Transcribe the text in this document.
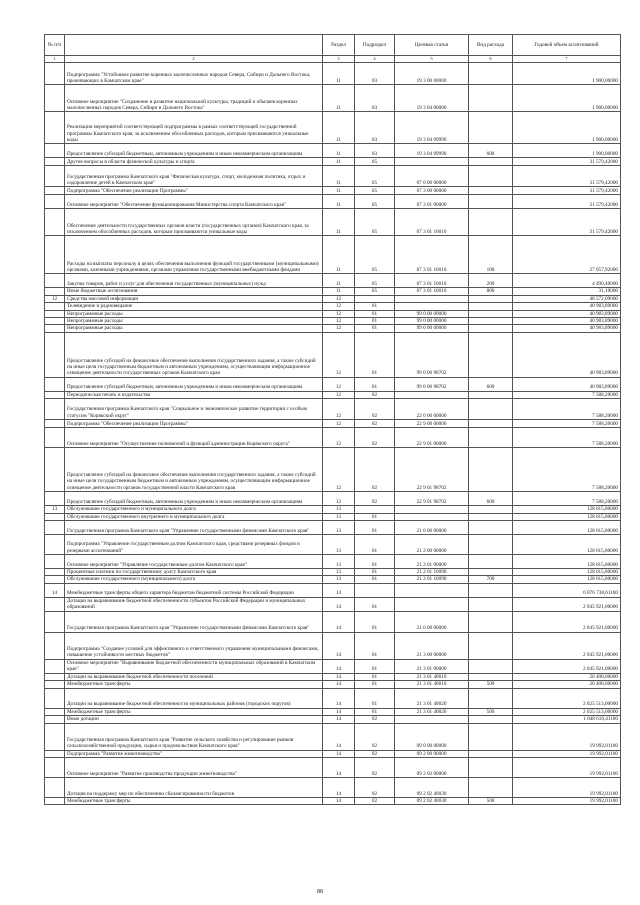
№ п/п		Раздел	Подраздел	Целевая статья	Вид расхода	Годовой объем ассигнований
1	2	3	4	5	6	7
	Подпрограмма "Устойчивое развитие коренных малочисленных народов Севера, Сибири и Дальнего Востока, проживающих в Камчатском крае"	11	03	19 3 00 00000		1 900,00000
	Основное мероприятие "Сохранение и развитие национальной культуры, традиций и обычаев коренных малочисленных народов Севера, Сибири и Дальнего Востока"	11	03	19 3 04 00000		1 900,00000
	Реализация мероприятий соответствующей подпрограммы в рамках соответствующей государственной программы Камчатского края, за исключением обособленных расходов, которым присваиваются уникальные коды	11	03	19 3 04 09990		1 900,00000
	Предоставление субсидий бюджетным, автономным учреждениям и иным некоммерческим организациям	11	03	19 3 04 09990	600	1 900,00000
	Другие вопросы в области физической культуры и спорта	11	05			31 579,42000
	Государственная программа Камчатского края "Физическая культура, спорт, молодежная политика, отдых и оздоровление детей в Камчатском крае"	11	05	07 0 00 00000		31 579,42000
	Подпрограмма "Обеспечение реализации Программы"	11	05	07 3 00 00000		31 579,42000
	Основное мероприятие "Обеспечение функционирования Министерства спорта Камчатского края"	11	05	07 3 01 00000		31 579,42000
	Обеспечение деятельности государственных органов власти (государственных органов) Камчатского края, за исключением обособленных расходов, которым присваиваются уникальные коды	11	05	07 3 01 10010		31 579,42000
	Расходы на выплаты персоналу в целях обеспечения выполнения функций государственными (муниципальными) органами, казенными учреждениями, органами управления государственными внебюджетными фондами	11	05	07 3 01 10010	100	27 057,92000
	Закупка товаров, работ и услуг для обеспечения государственных (муниципальных) нужд	11	05	07 3 01 10010	200	4 490,40000
	Иные бюджетные ассигнования	11	05	07 3 01 10010	800	31,10000
12	Средства массовой информации	12				48 572,09000
	Телевидение и радиовещание	12	01			40 983,89000
	Непрограммные расходы	12	01	99 0 00 00000		40 983,89000
	Непрограммные расходы	12	01	99 0 00 00000		40 983,89000
	Непрограммные расходы	12	01	99 0 00 00000		40 983,89000
	Предоставление субсидий на финансовое обеспечение выполнения государственного задания, а также субсидий на иные цели государственным бюджетным и автономным учреждениям, осуществляющим информационное освещение деятельности государственных органов Камчатского края	12	01	99 0 00 98702		40 983,89000
	Предоставление субсидий бюджетным, автономным учреждениям и иным некоммерческим организациям	12	01	99 0 00 98702	600	40 983,89000
	Периодическая печать и издательства	12	02			7 588,20000
	Государственная программа Камчатского края "Социальное и экономическое развитие территории с особым статусом "Корякский округ"	12	02	22 0 00 00000		7 588,20000
	Подпрограмма "Обеспечение реализации Программы"	12	02	22 9 00 00000		7 588,20000
	Основное мероприятие "Осуществление полномочий и функций администрации Корякского округа"	12	02	22 9 01 00000		7 588,20000
	Предоставление субсидий на финансовое обеспечение выполнения государственного задания, а также субсидий на иные цели государственным бюджетным и автономным учреждениям, осуществляющим информационное освещение деятельности органов государственной власти Камчатского края	12	02	22 9 01 98702		7 588,20000
	Предоставление субсидий бюджетным, автономным учреждениям и иным некоммерческим организациям	12	02	22 9 01 98702	600	7 588,20000
13	Обслуживание государственного и муниципального долга	13				128 615,80000
	Обслуживание государственного внутреннего и муниципального долга	13	01			128 615,80000
	Государственная программа Камчатского края "Управление государственными финансами Камчатского края"	13	01	21 0 00 00000		128 615,80000
	Подпрограмма "Управление государственным долгом Камчатского края, средствами резервных фондов и резервами ассигнований"	13	01	21 2 00 00000		128 615,80000
	Основное мероприятие "Управление государственным долгом Камчатского края"	13	01	21 2 01 00000		128 615,80000
	Процентные платежи по государственному долгу Камчатского края	13	01	21 2 01 10090		128 615,80000
	Обслуживание государственного (муниципального) долга	13	01	21 2 01 10090	700	128 615,80000
14	Межбюджетные трансферты общего характера бюджетам бюджетной системы Российской Федерации	14				6 876 738,61100
	Дотации на выравнивание бюджетной обеспеченности субъектов Российской Федерации и муниципальных образований	14	01			2 045 921,00000
	Государственная программа Камчатского края "Управление государственными финансами Камчатского края"	14	01	21 0 00 00000		2 045 921,00000
	Подпрограмма "Создание условий для эффективного и ответственного управления муниципальными финансами, повышение устойчивости местных бюджетов"	14	01	21 3 00 00000		2 045 921,00000
	Основное мероприятие "Выравнивание бюджетной обеспеченности муниципальных образований в Камчатском крае"	14	01	21 3 01 00000		2 045 921,00000
	Дотации на выравнивание бюджетной обеспеченности поселений	14	01	21 3 01 40010		20 408,00000
	Межбюджетные трансферты	14	01	21 3 01 40010	500	20 408,00000
	Дотации на выравнивание бюджетной обеспеченности муниципальных районов (городских округов)	14	01	21 3 01 40020		2 025 513,00000
	Межбюджетные трансферты	14	01	21 3 01 40020	500	2 025 513,00000
	Иные дотации	14	02			1 048 610,41100
	Государственная программа Камчатского края "Развитие сельского хозяйства и регулирование рынков сельскохозяйственной продукции, сырья и продовольствия Камчатского края"	14	02	09 0 00 00000		19 992,01100
	Подпрограмма "Развитие животноводства"	14	02	09 2 00 00000		19 992,01100
	Основное мероприятие "Развитие производства продукции животноводства"	14	02	09 2 02 00000		19 992,01100
	Дотация на поддержку мер по обеспечению сбалансированности бюджетов	14	02	09 2 02 40030		19 992,01100
	Межбюджетные трансферты	14	02	09 2 02 40030	500	19 992,01100
88
